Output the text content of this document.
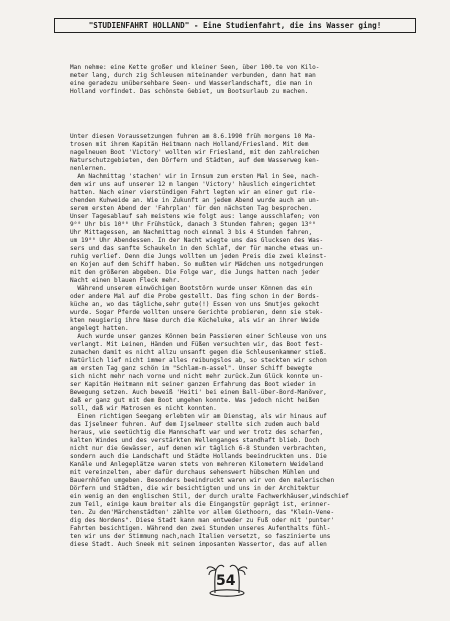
"STUDIENFAHRT HOLLAND" - Eine Studienfahrt, die ins Wasser ging!

Man nehme: eine Kette großer und kleiner Seen, über 100.te von Kilo-
meter lang, durch zig Schleusen miteinander verbunden, dann hat man
eine geradezu unübersehbare Seen- und Wasserlandschaft, die man in
Holland vorfindet. Das schönste Gebiet, um Bootsurlaub zu machen.

Unter diesen Voraussetzungen fuhren am 8.6.1990 früh morgens 10 Ma-
trosen mit ihrem Kapitän Heitmann nach Holland/Friesland. Mit dem
nagelneuen Boot 'Victory' wollten wir Friesland, mit den zahlreichen
Naturschutzgebieten, den Dörfern und Städten, auf dem Wasserweg ken-
nenlernen.
Am Nachmittag 'stachen' wir in Irnsum zum ersten Mal in See, nach-
dem wir uns auf unserer 12 m langen 'Victory' häuslich eingerichtet
hatten. Nach einer vierstündigen Fahrt legten wir an einer gut rie-
chenden Kuhweide an. Wie in Zukunft an jedem Abend wurde auch an un-
serem ersten Abend der 'Fahrplan' für den nächsten Tag besprochen.
Unser Tagesablauf sah meistens wie folgt aus: lange ausschlafen; von
9⁰⁰ Uhr bis 10⁰⁰ Uhr Frühstück, danach 3 Stunden fahren; gegen 13⁰⁰
Uhr Mittagessen, am Nachmittag noch einmal 3 bis 4 Stunden fahren,
um 19⁰⁰ Uhr Abendessen. In der Nacht wiegte uns das Glucksen des Was-
sers und das sanfte Schaukeln in den Schlaf, der für manche etwas un-
ruhig verlief. Denn die Jungs wollten um jeden Preis die zwei kleinst-
en Kojen auf dem Schiff haben. So mußten wir Mädchen uns notgedrungen
mit den größeren abgeben. Die Folge war, die Jungs hatten nach jeder
Nacht einen blauen Fleck mehr.
Während unserem einwöchigen Bootstörn wurde unser Können das ein
oder andere Mal auf die Probe gestellt. Das fing schon in der Bords-
küche an, wo das tägliche,sehr gute(!) Essen von uns Smutjes gekocht
wurde. Sogar Pferde wollten unsere Gerichte probieren, denn sie stek-
kten neugierig ihre Nase durch die Kücheluke, als wir an ihrer Weide
angelegt hatten.
Auch wurde unser ganzes Können beim Passieren einer Schleuse von uns
verlangt. Mit Leinen, Händen und Füßen versuchten wir, das Boot fest-
zumachen damit es nicht allzu unsanft gegen die Schleusenkammer stieß.
Natürlich lief nicht immer alles reibungslos ab, so steckten wir schon
am ersten Tag ganz schön im "Schlam-m-assel". Unser Schiff bewegte
sich nicht mehr nach vorne und nicht mehr zurück.Zum Glück konnte un-
ser Kapitän Heitmann mit seiner ganzen Erfahrung das Boot wieder in
Bewegung setzen. Auch beweiß 'Heiti' bei einem Ball-über-Bord-Manöver,
daß er ganz gut mit dem Boot umgehen konnte. Was jedoch nicht heißen
soll, daß wir Matrosen es nicht konnten.
Einen richtigen Seegang erlebten wir am Dienstag, als wir hinaus auf
das Ijselmeer fuhren. Auf dem Ijselmeer stellte sich zudem auch bald
heraus, wie seetüchtig die Mannschaft war und wer trotz des scharfen,
kalten Windes und des verstärkten Wellenganges standhaft blieb. Doch
nicht nur die Gewässer, auf denen wir täglich 6-8 Stunden verbrachten,
sondern auch die Landschaft und Städte Hollands beeindruckten uns. Die
Kanäle und Anlegeplätze waren stets von mehreren Kilometern Weideland
mit vereinzelten, aber dafür durchaus sehenswert hübschen Mühlen und
Bauernhöfen umgeben. Besonders beeindruckt waren wir von den malerischen
Dörfern und Städten, die wir besichtigten und uns in der Architektur
ein wenig an den englischen Stil, der durch uralte Fachwerkhäuser,windschief
zum Teil, einige kaum breiter als die Eingangstür geprägt ist, erinner-
ten. Zu den'Märchenstädten' zählte vor allem Giethoorn, das "Klein-Vene-
dig des Nordens". Diese Stadt kann man entweder zu Fuß oder mit 'punter'
Fahrten besichtigen. Während den zwei Stunden unseres Aufenthalts fühl-
ten wir uns der Stimmung nach,nach Italien versetzt, so faszinierte uns
diese Stadt. Auch Sneek mit seinem imposanten Wassertor, das auf allen

54
